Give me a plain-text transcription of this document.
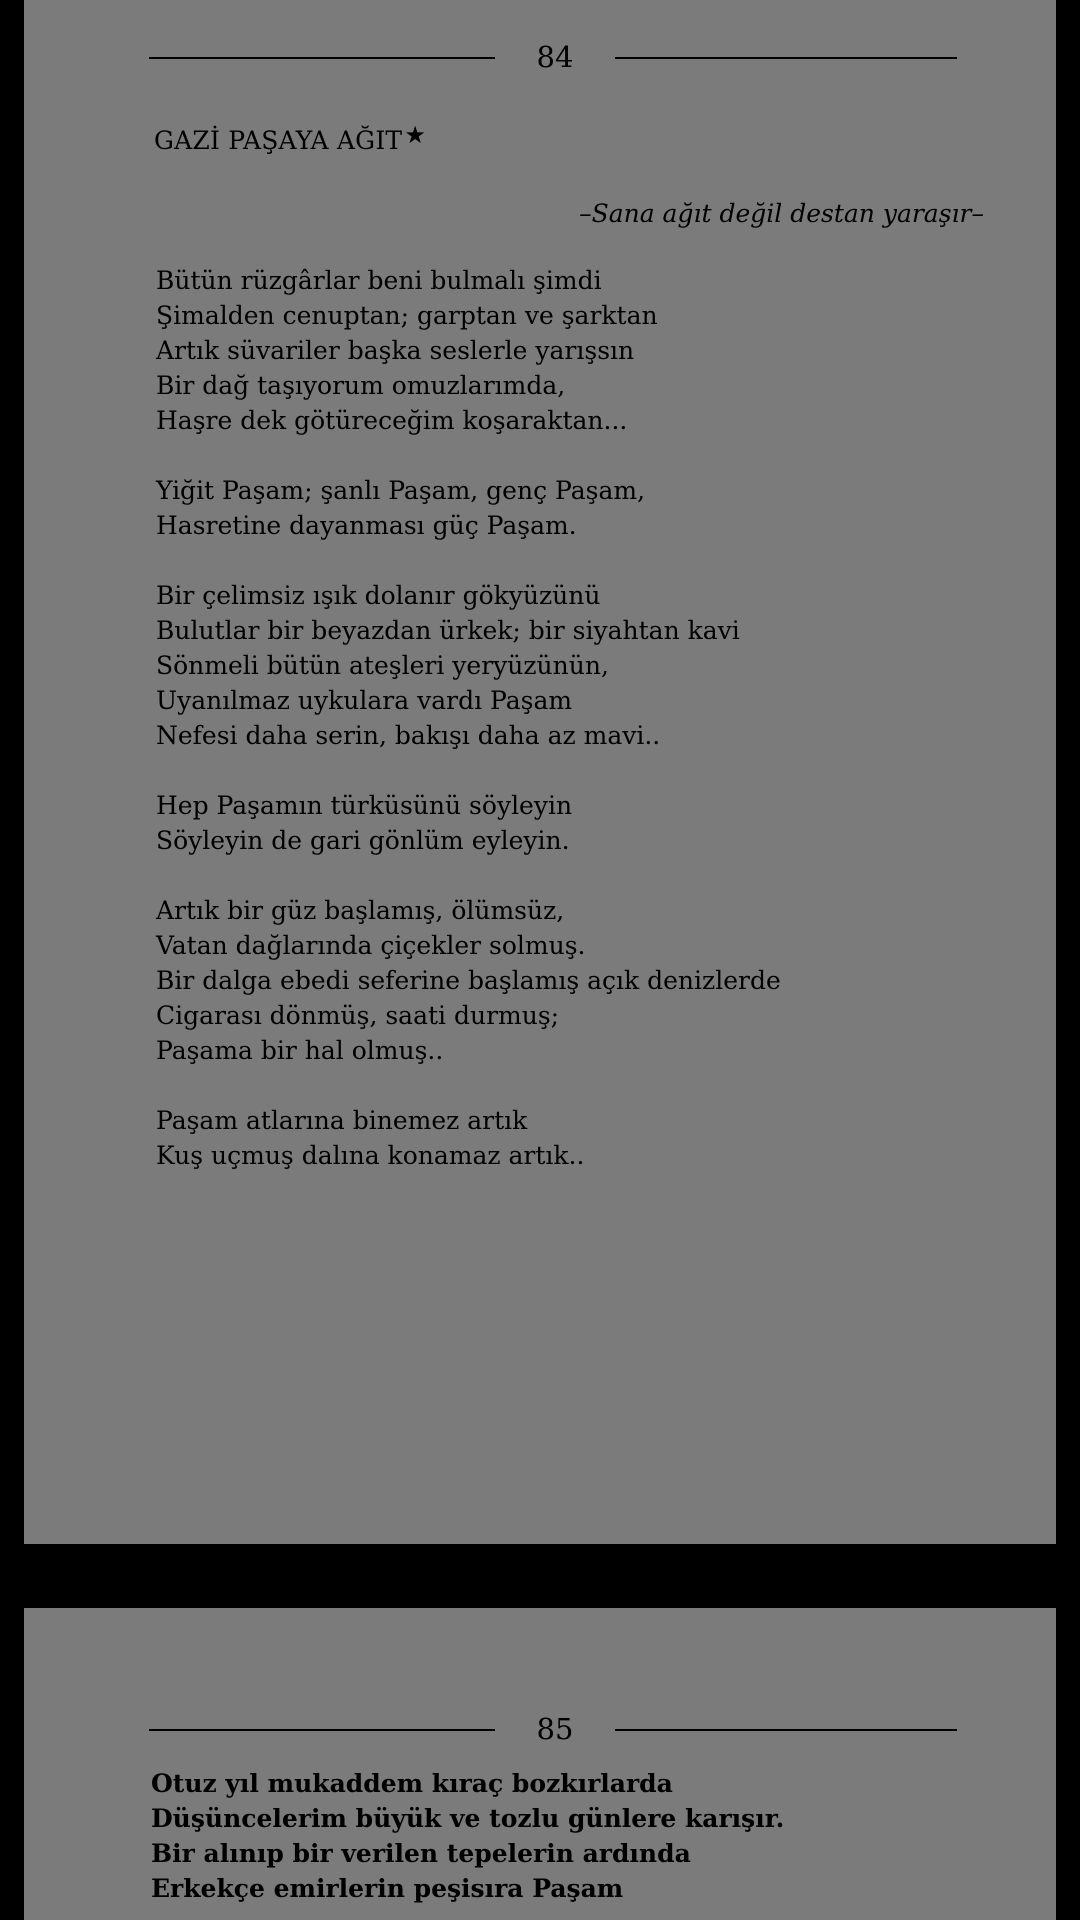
84
GAZİ PAŞAYA AĞIT★
–Sana ağıt değil destan yaraşır–
Bütün rüzgârlar beni bulmalı şimdi
Şimalden cenuptan; garptan ve şarktan
Artık süvariler başka seslerle yarışsın
Bir dağ taşıyorum omuzlarımda,
Haşre dek götüreceğim koşaraktan...
Yiğit Paşam; şanlı Paşam, genç Paşam,
Hasretine dayanması güç Paşam.
Bir çelimsiz ışık dolanır gökyüzünü
Bulutlar bir beyazdan ürkek; bir siyahtan kavi
Sönmeli bütün ateşleri yeryüzünün,
Uyanılmaz uykulara vardı Paşam
Nefesi daha serin, bakışı daha az mavi..
Hep Paşamın türküsünü söyleyin
Söyleyin de gari gönlüm eyleyin.
Artık bir güz başlamış, ölümsüz,
Vatan dağlarında çiçekler solmuş.
Bir dalga ebedi seferine başlamış açık denizlerde
Cigarası dönmüş, saati durmuş;
Paşama bir hal olmuş..
Paşam atlarına binemez artık
Kuş uçmuş dalına konamaz artık..
85
Otuz yıl mukaddem kıraç bozkırlarda
Düşüncelerim büyük ve tozlu günlere karışır.
Bir alınıp bir verilen tepelerin ardında
Erkekçe emirlerin peşisıra Paşam
